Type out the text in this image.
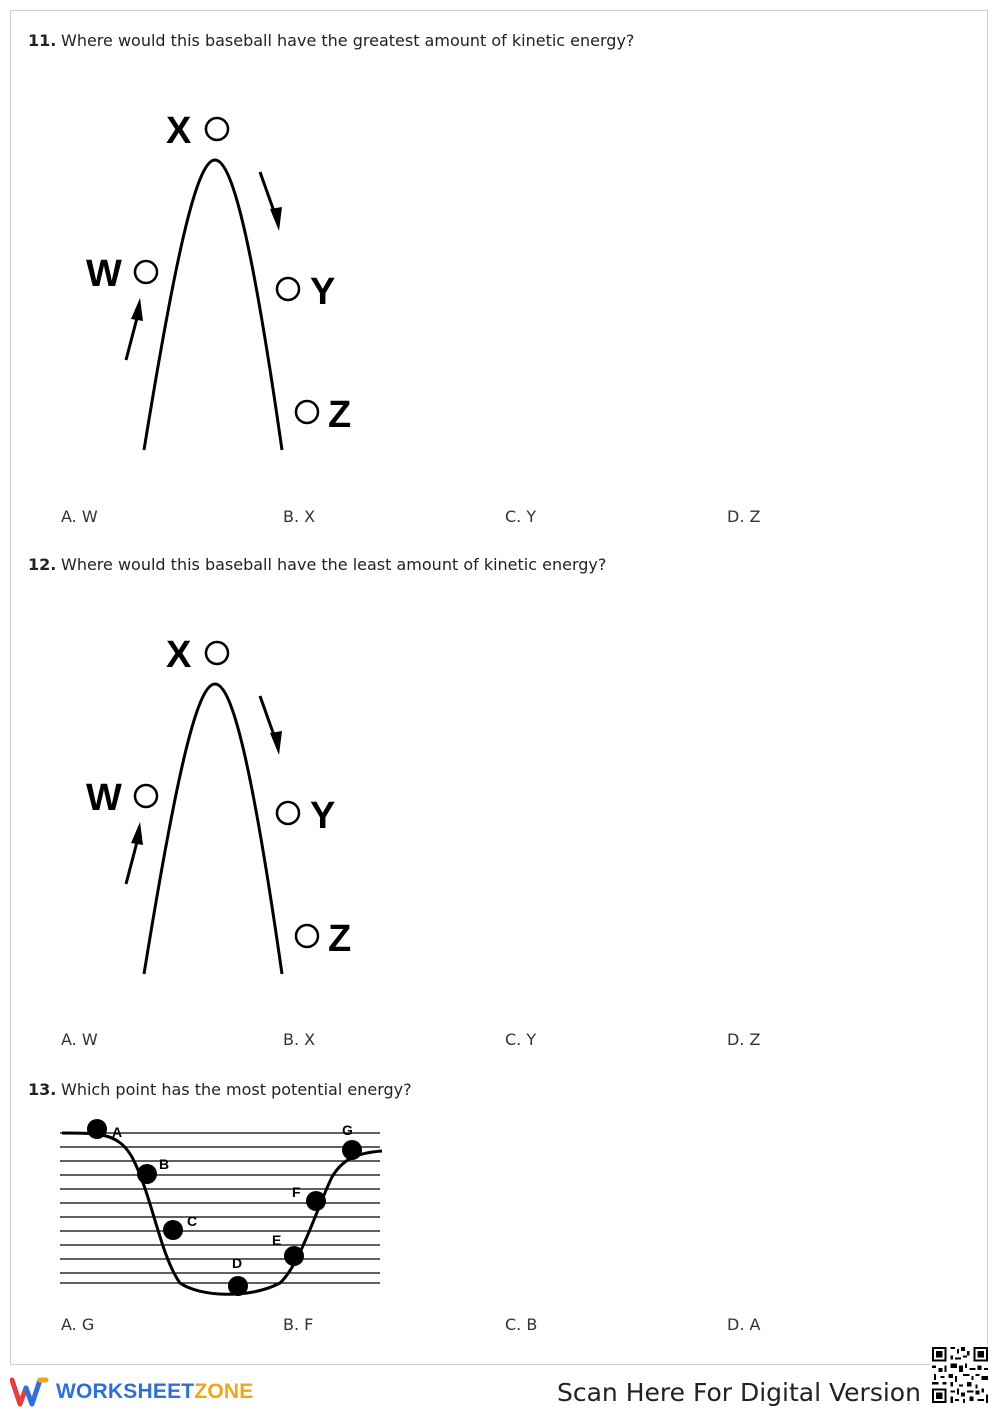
11. Where would this baseball have the greatest amount of kinetic energy?
X
W	Y
Z
A. W	B. X	C. Y	D. Z
12. Where would this baseball have the least amount of kinetic energy?
X
W	Y
Z
A. W	B. X	C. Y	D. Z
13. Which point has the most potential energy?
A
B
C
D
E
F
G
A. G	B. F	C. B	D. A
WORKSHEETZONE	Scan Here For Digital Version
